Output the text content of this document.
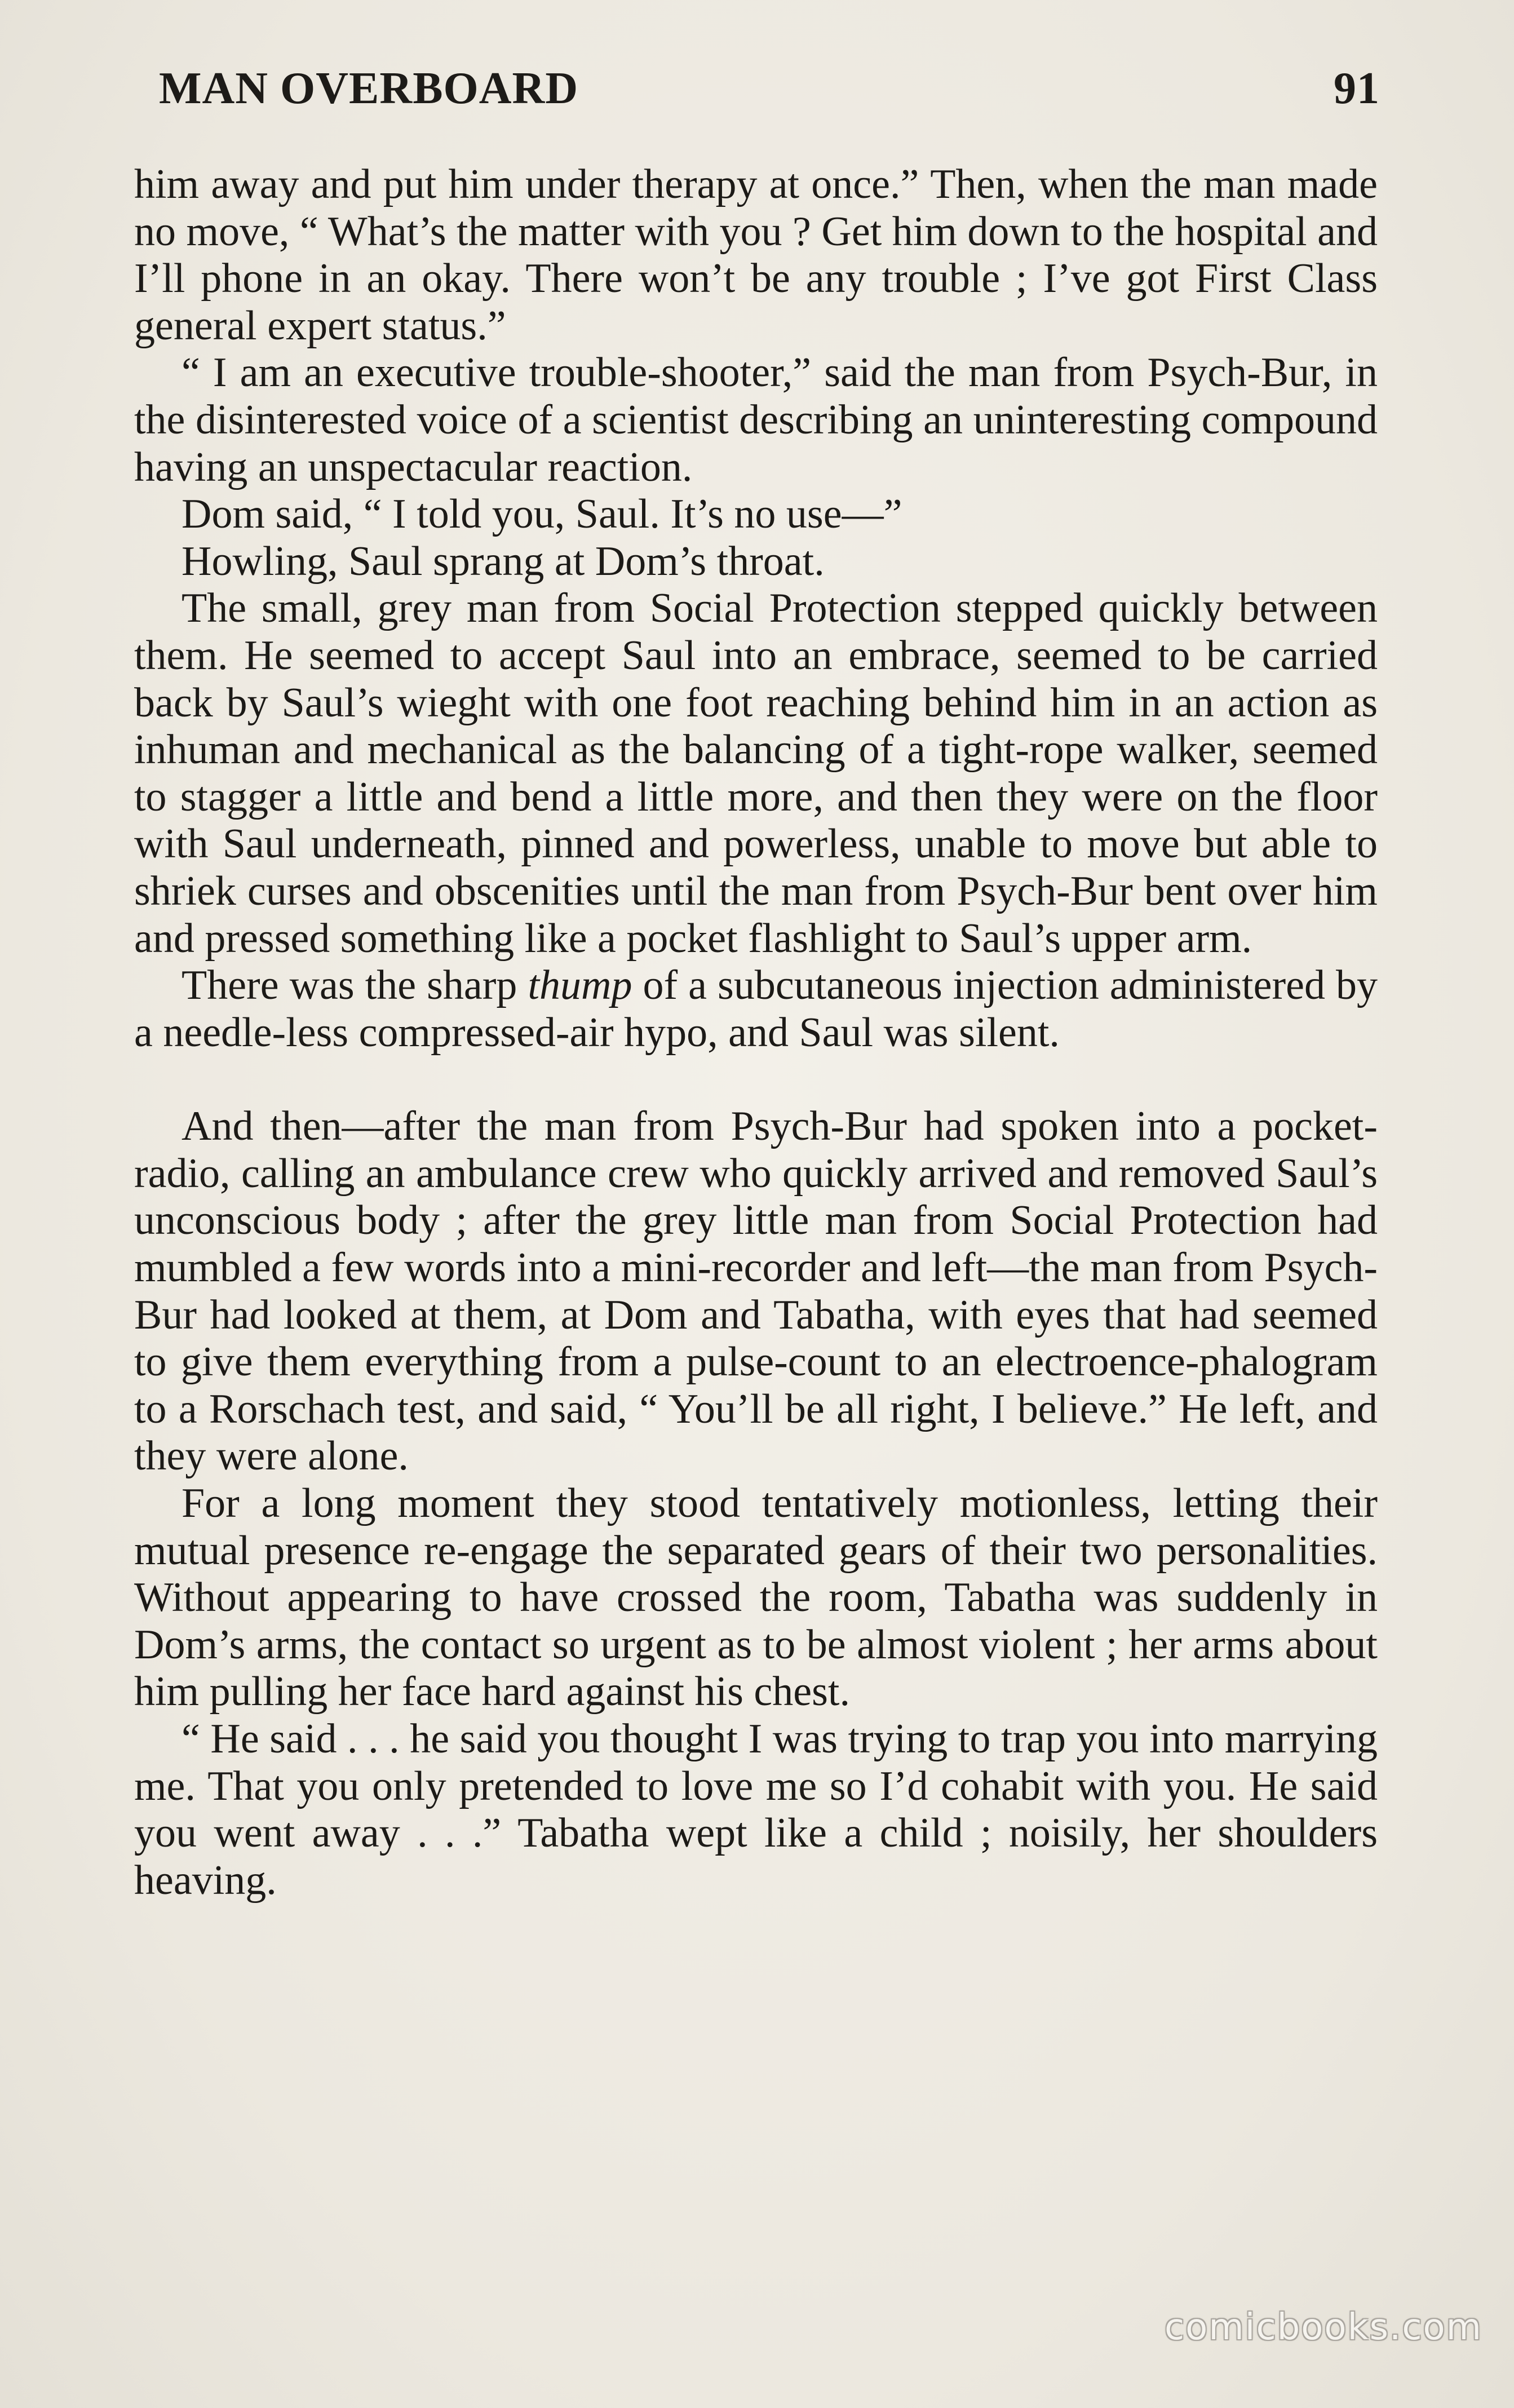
MAN OVERBOARD	91

him away and put him under therapy at once.” Then, when the man made no move, “ What’s the matter with you ? Get him down to the hospital and I’ll phone in an okay. There won’t be any trouble ; I’ve got First Class general expert status.”

“ I am an executive trouble-shooter,” said the man from Psych-Bur, in the disinterested voice of a scientist describing an uninteresting compound having an unspectacular reaction.

Dom said, “ I told you, Saul. It’s no use—”

Howling, Saul sprang at Dom’s throat.

The small, grey man from Social Protection stepped quickly between them. He seemed to accept Saul into an embrace, seemed to be carried back by Saul’s wieght with one foot reaching behind him in an action as inhuman and mechanical as the balancing of a tight-rope walker, seemed to stagger a little and bend a little more, and then they were on the floor with Saul underneath, pinned and powerless, unable to move but able to shriek curses and obscenities until the man from Psych-Bur bent over him and pressed something like a pocket flashlight to Saul’s upper arm.

There was the sharp thump of a subcutaneous injection administered by a needle-less compressed-air hypo, and Saul was silent.

And then—after the man from Psych-Bur had spoken into a pocket-radio, calling an ambulance crew who quickly arrived and removed Saul’s unconscious body ; after the grey little man from Social Protection had mumbled a few words into a mini-recorder and left—the man from Psych-Bur had looked at them, at Dom and Tabatha, with eyes that had seemed to give them everything from a pulse-count to an electroence-phalogram to a Rorschach test, and said, “ You’ll be all right, I believe.” He left, and they were alone.

For a long moment they stood tentatively motionless, letting their mutual presence re-engage the separated gears of their two personalities. Without appearing to have crossed the room, Tabatha was suddenly in Dom’s arms, the contact so urgent as to be almost violent ; her arms about him pulling her face hard against his chest.

“ He said . . . he said you thought I was trying to trap you into marrying me. That you only pretended to love me so I’d cohabit with you. He said you went away . . .” Tabatha wept like a child ; noisily, her shoulders heaving.

comicbooks.com
